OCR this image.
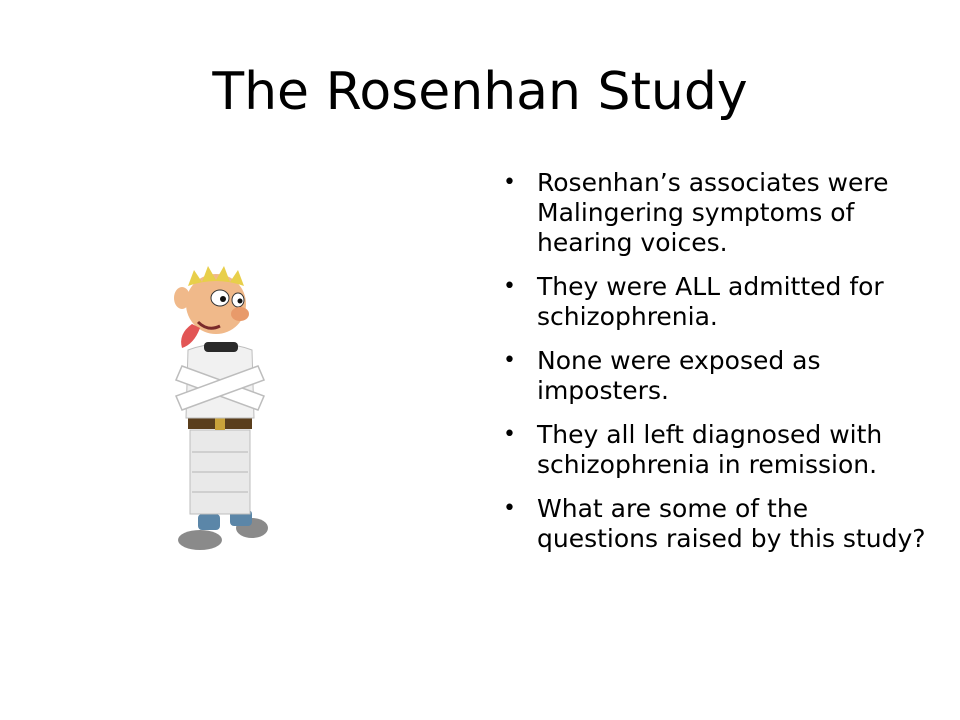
The Rosenhan Study
• Rosenhan’s associates were Malingering symptoms of hearing voices.
• They were ALL admitted for schizophrenia.
• None were exposed as imposters.
• They all left diagnosed with schizophrenia in remission.
• What are some of the questions raised by this study?
